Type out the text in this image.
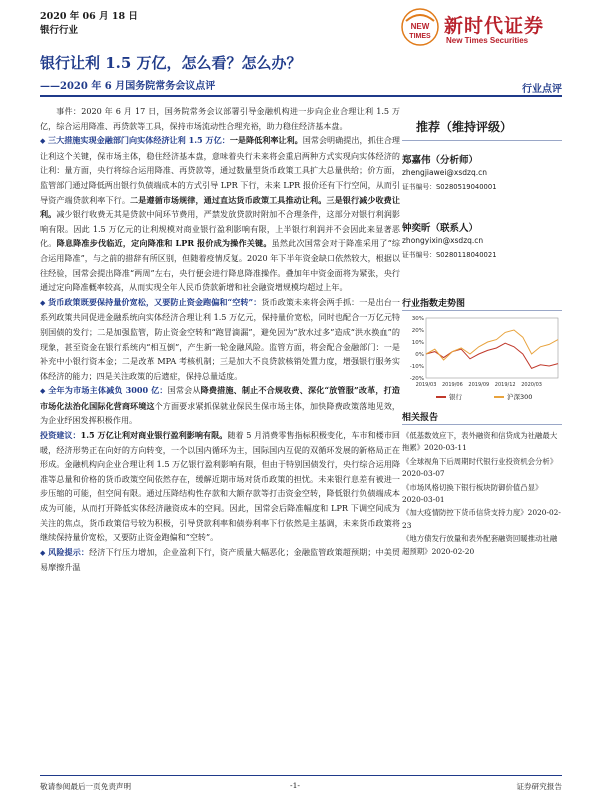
2020 年 06 月 18 日
银行行业	NEW
TIMES 新时代证券
New Times Securities
银行让利 1.5 万亿，怎么看？怎么办？
——2020 年 6 月国务院常务会议点评	行业点评

事件：2020 年 6 月 17 日，国务院常务会议部署引导金融机构进一步向企业合理让利 1.5 万亿，综合运用降准、再贷款等工具，保持市场流动性合理充裕，助力稳住经济基本盘。

◆ 三大措施实现金融部门向实体经济让利 1.5 万亿：一是降低利率让利。国常会明确提出，抓住合理让利这个关键，保市场主体，稳住经济基本盘，意味着央行未来将会重启两种方式实现向实体经济的让利：量方面，央行将综合运用降准、再贷款等，通过数量型货币政策工具扩大总量供给；价方面，监管部门通过降低两出银行负债端成本的方式引导 LPR 下行，未来 LPR 报价还有下行空间，从而引导资产端贷款利率下行。二是遵循市场规律，通过直达货币政策工具推动让利。三是银行减少收费让利。减少银行收费无其是贷款中间环节费用，严禁发放贷款时附加不合理条件，这部分对银行利润影响有限。因此 1.5 万亿元的让利规模对商业银行盈利影响有限，上半银行利润并不会因此来显著恶化。降息降准步伐临近，定向降准和 LPR 报价成为操作关键。虽然此次国常会对于降准采用了“综合运用降准”，与之前的措辞有所区别，但随着疫情反复。2020 年下半年资金缺口依然较大，根据以往经验，国常会提出降准“两周”左右，央行便会进行降息降准操作。叠加年中资金面将为紧张，央行通过定向降准概率较高，从而实现全年人民币贷款新增和社会融资增规模均超过上年。

◆ 货币政策既要保持量价宽松，又要防止资金跑偏和“空转”：货币政策未来将会两手抓：一是出台一系列政策共同促进金融系统向实体经济合理让利 1.5 万亿元，保持量价宽松，同时也配合一万亿元特别国债的发行；二是加强监管，防止资金空转和“跑冒滴漏”，避免因为“放水过多”造成“洪水换血”的现象，甚至资金在银行系统内“相互倒”，产生新一轮金融风险。监管方面，将会配合金融部门：一是补充中小银行资本金；二是改革 MPA 考核机制；三是加大不良贷款核销处置力度，增强银行服务实体经济的能力；四是关注政策的后遗症，保持总量适度。

◆ 全年为市场主体减负 3000 亿：国常会从降费措施、制止不合规收费、深化“放管服”改革，打造市场化法治化国际化营商环境这个方面要求紧抓保就业保民生保市场主体，加快降费政策落地见效，为企业纾困发挥积极作用。

投资建议：1.5 万亿让利对商业银行盈利影响有限。随着 5 月消费零售指标积极变化，车市和楼市回暖，经济形势正在向好的方向转变，一个以国内循环为主，国际国内互促的双循环发展的新格局正在形成。金融机构向企业合理让利 1.5 万亿银行盈利影响有限，但由于特别国债发行，央行综合运用降准等总量和价格的货币政策空间依然存在，缓解近期市场对货币政策的担忧。未来银行息差有被进一步压缩的可能，但空间有限。通过压降结构性存款和大额存款等打击资金空转，降低银行负债端成本成为可能，从而打开降低实体经济融资成本的空间。因此，国常会后降准幅度和 LPR 下调空间成为关注的焦点，货币政策信号较为积极，引导贷款利率和债券利率下行依然是主基调，未来货币政策将继续保持量价宽松，又要防止资金跑偏和“空转”。

◆ 风险提示：经济下行压力增加，企业盈利下行，资产质量大幅恶化；金融监管政策超预期；中美贸易摩擦升温

推荐（维持评级）
郑嘉伟（分析师）
zhengjiawei@xsdzq.cn
证书编号：S0280519040001
钟奕昕（联系人）
zhongyixin@xsdzq.cn
证书编号：S0280118040021
行业指数走势图
-20%
-10%
0%
10%
20%
30%
2019/03 2019/06 2019/09 2019/12 2020/03
银行	沪深300
相关报告
《低基数效应下，表外融资和信贷成为社融最大拖累》2020-03-11
《全球视角下后周期时代银行业投资机会分析》2020-03-07
《市场风格切换下银行板块防御价值凸显》2020-03-01
《加大疫情防控下货币信贷支持力度》2020-02-23
《地方债发行放量和表外配套融资回暖推动社融超预期》2020-02-20
敬请参阅最后一页免责声明	-1-	证券研究报告
